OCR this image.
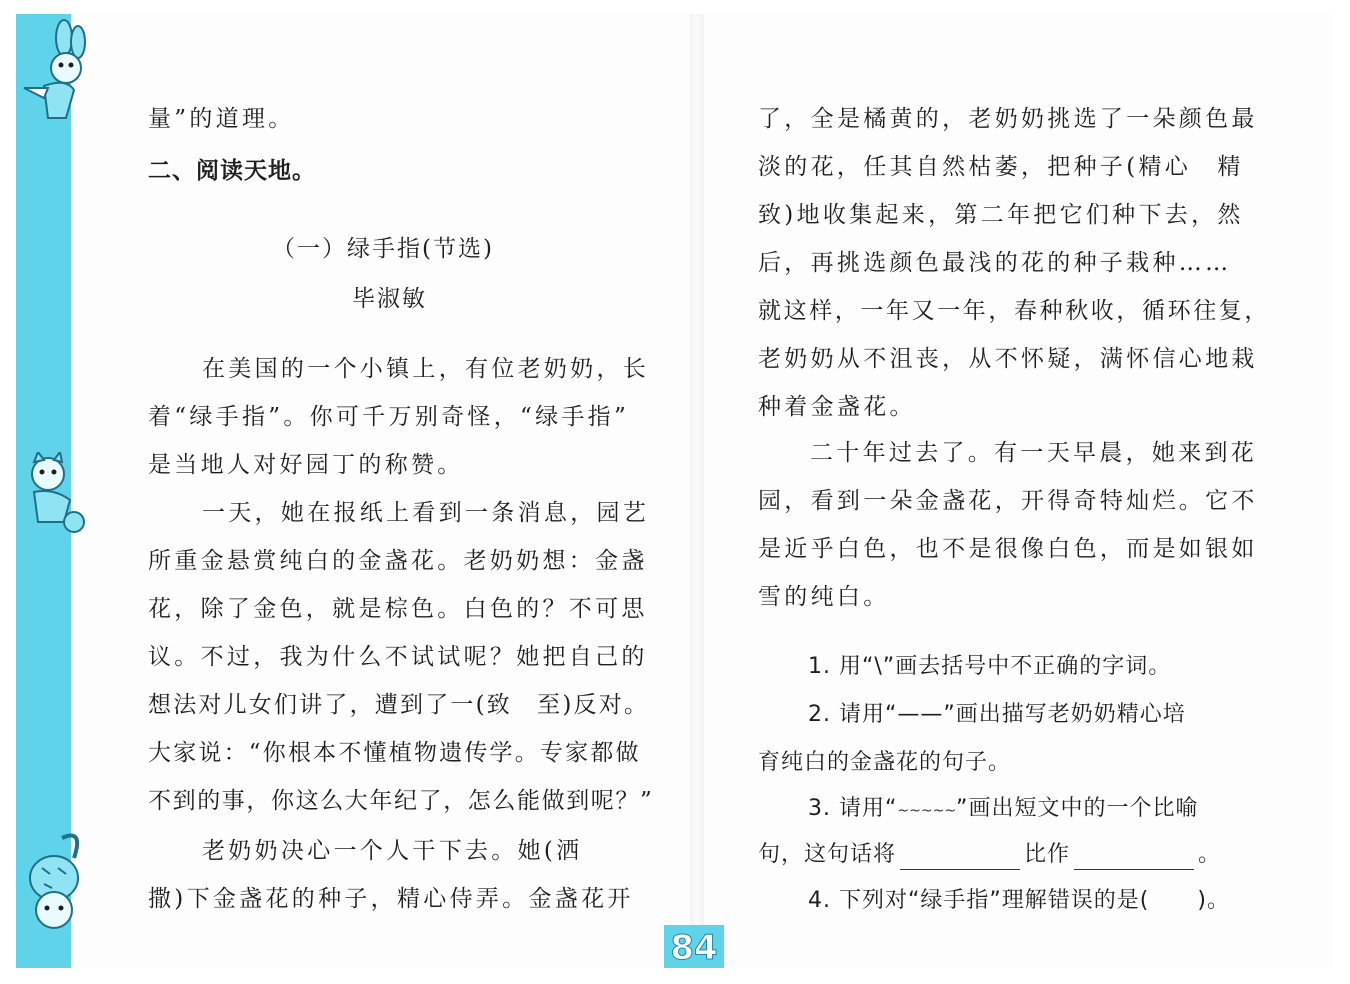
量”的道理。
二、阅读天地。
（一）绿手指(节选)
毕淑敏
在美国的一个小镇上，有位老奶奶，长
着“绿手指”。你可千万别奇怪，“绿手指”
是当地人对好园丁的称赞。
一天，她在报纸上看到一条消息，园艺
所重金悬赏纯白的金盏花。老奶奶想：金盏
花，除了金色，就是棕色。白色的？不可思
议。不过，我为什么不试试呢？她把自己的
想法对儿女们讲了，遭到了一(致　至)反对。
大家说：“你根本不懂植物遗传学。专家都做
不到的事，你这么大年纪了，怎么能做到呢？”
老奶奶决心一个人干下去。她(洒
撒)下金盏花的种子，精心侍弄。金盏花开
了，全是橘黄的，老奶奶挑选了一朵颜色最
淡的花，任其自然枯萎，把种子(精心　精
致)地收集起来，第二年把它们种下去，然
后，再挑选颜色最浅的花的种子栽种……
就这样，一年又一年，春种秋收，循环往复，
老奶奶从不沮丧，从不怀疑，满怀信心地栽
种着金盏花。
二十年过去了。有一天早晨，她来到花
园，看到一朵金盏花，开得奇特灿烂。它不
是近乎白色，也不是很像白色，而是如银如
雪的纯白。
1. 用“\”画去括号中不正确的字词。
2. 请用“——”画出描写老奶奶精心培
育纯白的金盏花的句子。
3. 请用“~~~~~”画出短文中的一个比喻
句，这句话将	比作	。
4. 下列对“绿手指”理解错误的是( )。
84
